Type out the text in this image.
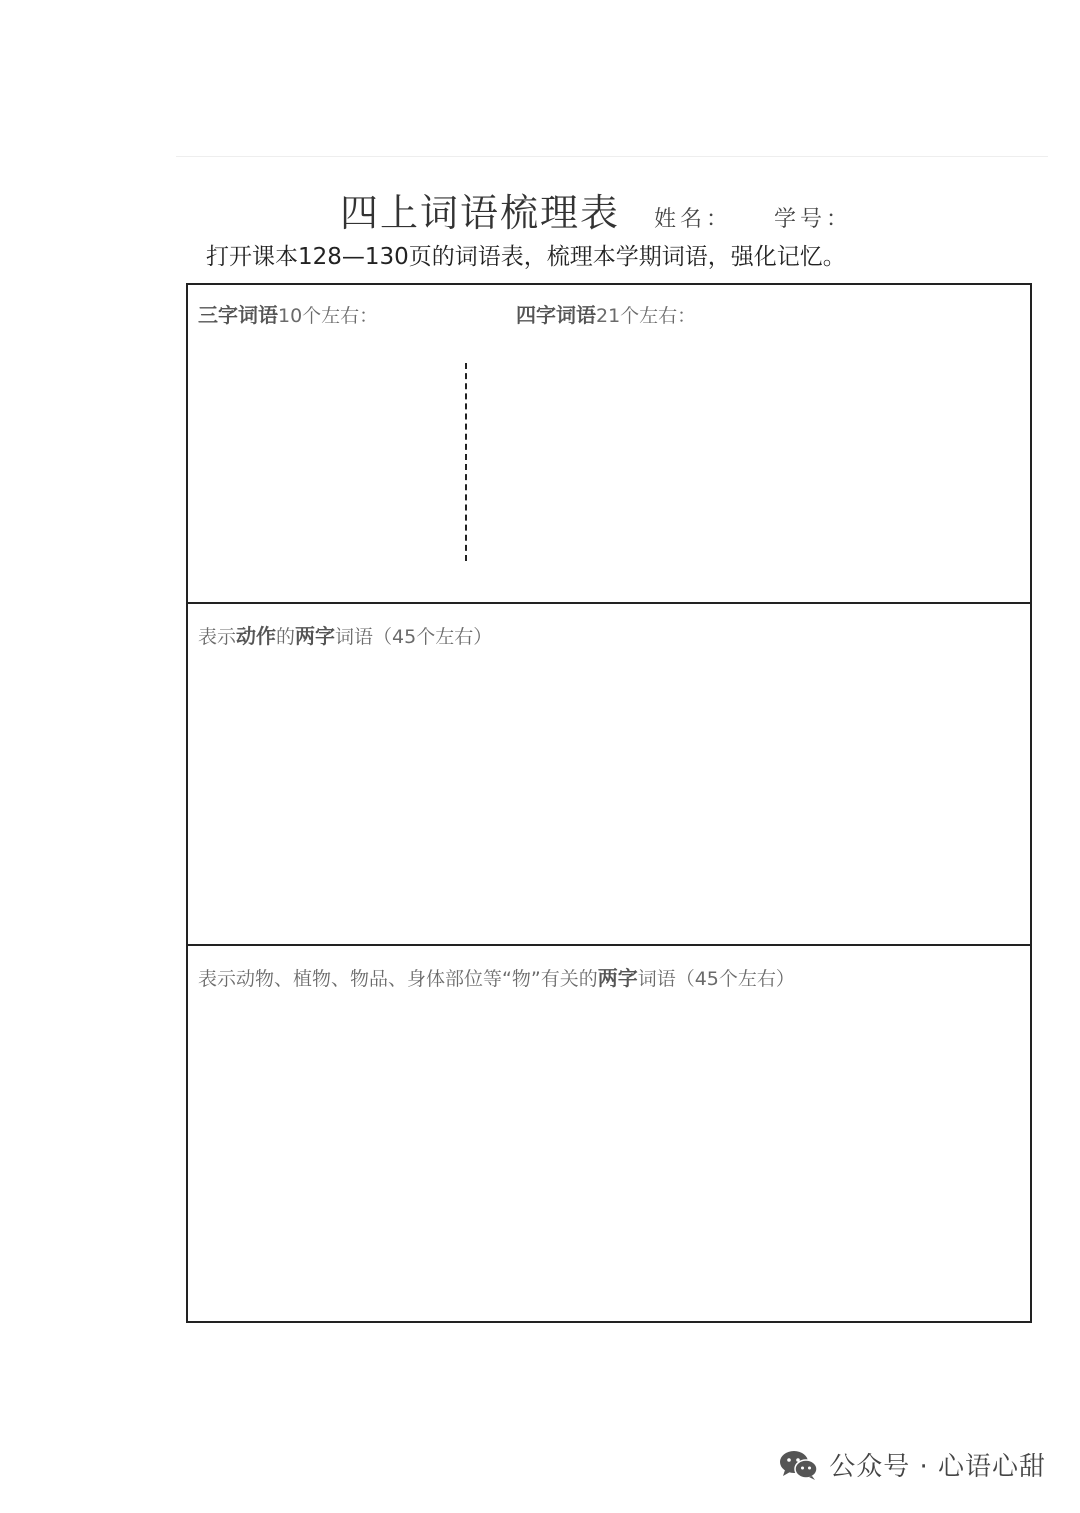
四上词语梳理表 姓名： 学号：
打开课本128—130页的词语表，梳理本学期词语，强化记忆。
三字词语10个左右：	四字词语21个左右：
表示动作的两字词语（45个左右）
表示动物、植物、物品、身体部位等“物”有关的两字词语（45个左右）
公众号 · 心语心甜
